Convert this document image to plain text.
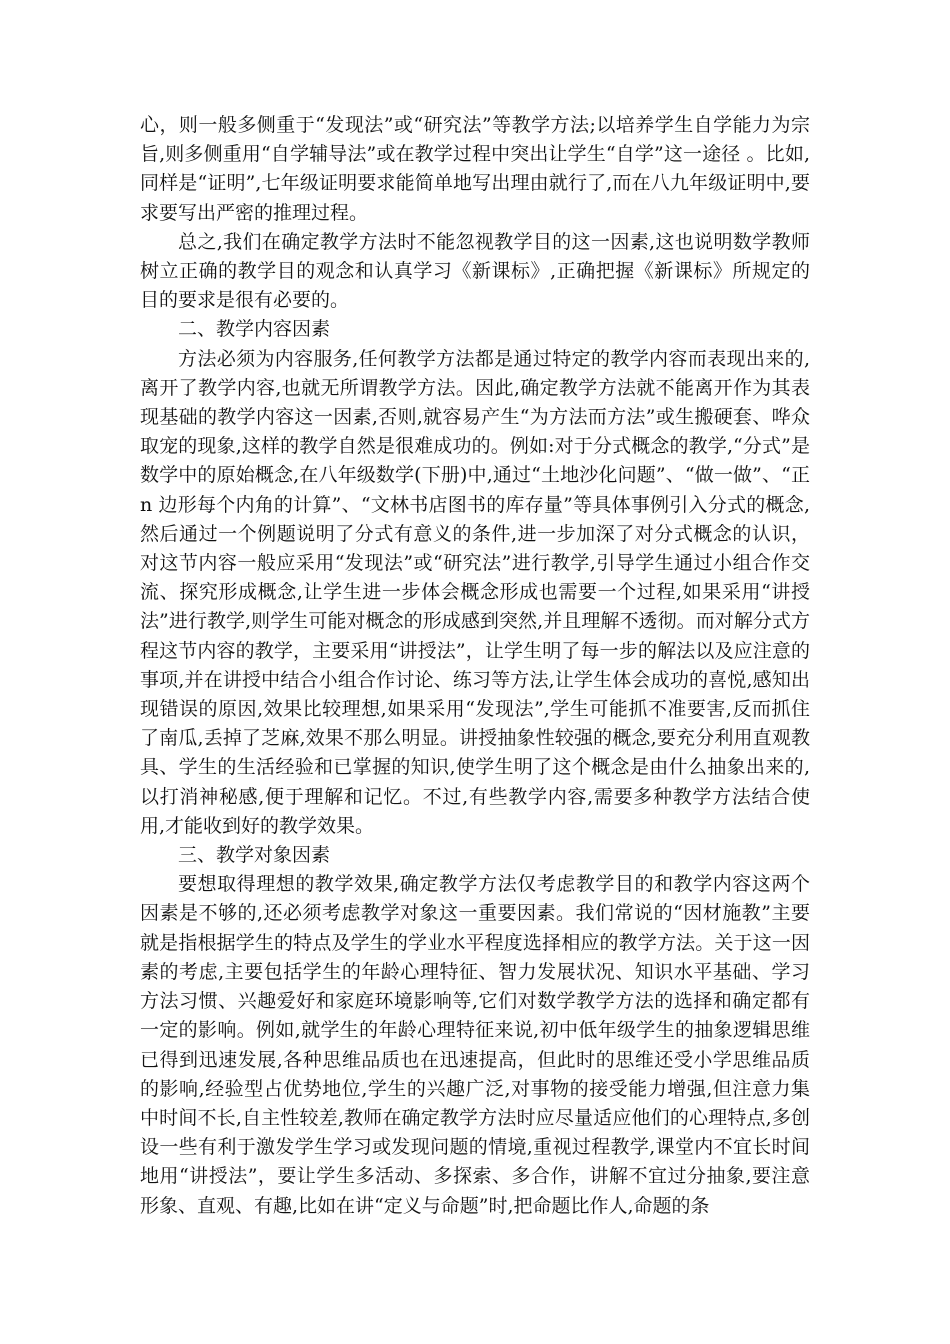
心，则一般多侧重于“发现法”或“研究法”等教学方法;以培养学生自学能力为宗旨,则多侧重用“自学辅导法”或在教学过程中突出让学生“自学”这一途径 。比如,同样是“证明”,七年级证明要求能简单地写出理由就行了,而在八九年级证明中,要求要写出严密的推理过程。

总之,我们在确定教学方法时不能忽视教学目的这一因素,这也说明数学教师树立正确的教学目的观念和认真学习《新课标》,正确把握《新课标》所规定的目的要求是很有必要的。

二、教学内容因素

方法必须为内容服务,任何教学方法都是通过特定的教学内容而表现出来的,离开了教学内容,也就无所谓教学方法。因此,确定教学方法就不能离开作为其表现基础的教学内容这一因素,否则,就容易产生“为方法而方法”或生搬硬套、哗众取宠的现象,这样的教学自然是很难成功的。例如:对于分式概念的教学,“分式”是数学中的原始概念,在八年级数学(下册)中,通过“土地沙化问题”、“做一做”、“正 n 边形每个内角的计算”、“文林书店图书的库存量”等具体事例引入分式的概念,然后通过一个例题说明了分式有意义的条件,进一步加深了对分式概念的认识，对这节内容一般应采用“发现法”或“研究法”进行教学,引导学生通过小组合作交流、探究形成概念,让学生进一步体会概念形成也需要一个过程,如果采用“讲授法”进行教学,则学生可能对概念的形成感到突然,并且理解不透彻。而对解分式方程这节内容的教学，主要采用“讲授法”，让学生明了每一步的解法以及应注意的事项,并在讲授中结合小组合作讨论、练习等方法,让学生体会成功的喜悦,感知出现错误的原因,效果比较理想,如果采用“发现法”,学生可能抓不准要害,反而抓住了南瓜,丢掉了芝麻,效果不那么明显。讲授抽象性较强的概念,要充分利用直观教具、学生的生活经验和已掌握的知识,使学生明了这个概念是由什么抽象出来的,以打消神秘感,便于理解和记忆。不过,有些教学内容,需要多种教学方法结合使用,才能收到好的教学效果。

三、教学对象因素

要想取得理想的教学效果,确定教学方法仅考虑教学目的和教学内容这两个因素是不够的,还必须考虑教学对象这一重要因素。我们常说的“因材施教”主要就是指根据学生的特点及学生的学业水平程度选择相应的教学方法。关于这一因素的考虑,主要包括学生的年龄心理特征、智力发展状况、知识水平基础、学习方法习惯、兴趣爱好和家庭环境影响等,它们对数学教学方法的选择和确定都有一定的影响。例如,就学生的年龄心理特征来说,初中低年级学生的抽象逻辑思维已得到迅速发展,各种思维品质也在迅速提高，但此时的思维还受小学思维品质的影响,经验型占优势地位,学生的兴趣广泛,对事物的接受能力增强,但注意力集中时间不长,自主性较差,教师在确定教学方法时应尽量适应他们的心理特点,多创设一些有利于激发学生学习或发现问题的情境,重视过程教学,课堂内不宜长时间地用“讲授法”，要让学生多活动、多探索、多合作，讲解不宜过分抽象,要注意形象、直观、有趣,比如在讲“定义与命题”时,把命题比作人,命题的条
